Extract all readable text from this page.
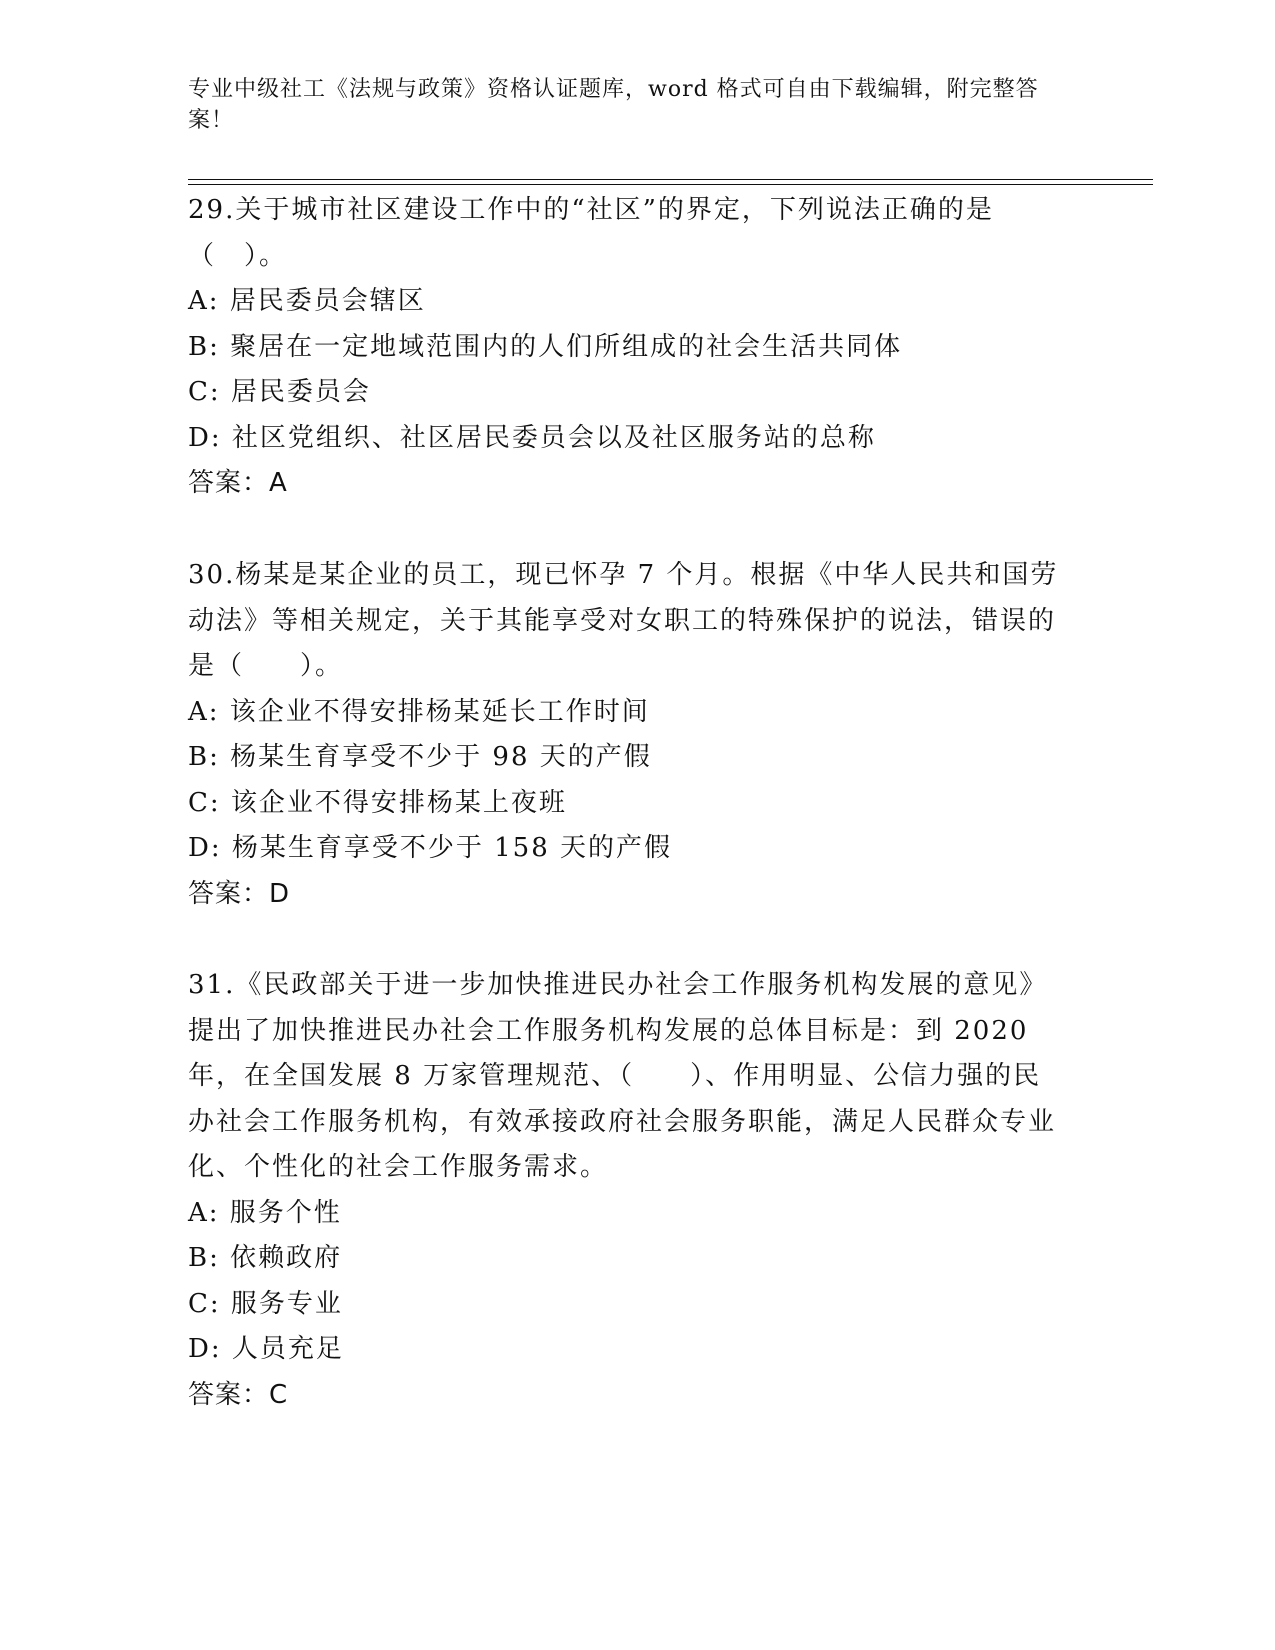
专业中级社工《法规与政策》资格认证题库，word 格式可自由下载编辑，附完整答案！

29.关于城市社区建设工作中的“社区”的界定，下列说法正确的是（　）。

A: 居民委员会辖区

B: 聚居在一定地域范围内的人们所组成的社会生活共同体

C: 居民委员会

D: 社区党组织、社区居民委员会以及社区服务站的总称

答案：A

30.杨某是某企业的员工，现已怀孕 7 个月。根据《中华人民共和国劳动法》等相关规定，关于其能享受对女职工的特殊保护的说法，错误的是（　　）。

A: 该企业不得安排杨某延长工作时间

B: 杨某生育享受不少于 98 天的产假

C: 该企业不得安排杨某上夜班

D: 杨某生育享受不少于 158 天的产假

答案：D

31.《民政部关于进一步加快推进民办社会工作服务机构发展的意见》提出了加快推进民办社会工作服务机构发展的总体目标是：到 2020 年，在全国发展 8 万家管理规范、（　　）、作用明显、公信力强的民办社会工作服务机构，有效承接政府社会服务职能，满足人民群众专业化、个性化的社会工作服务需求。

A: 服务个性

B: 依赖政府

C: 服务专业

D: 人员充足

答案：C
